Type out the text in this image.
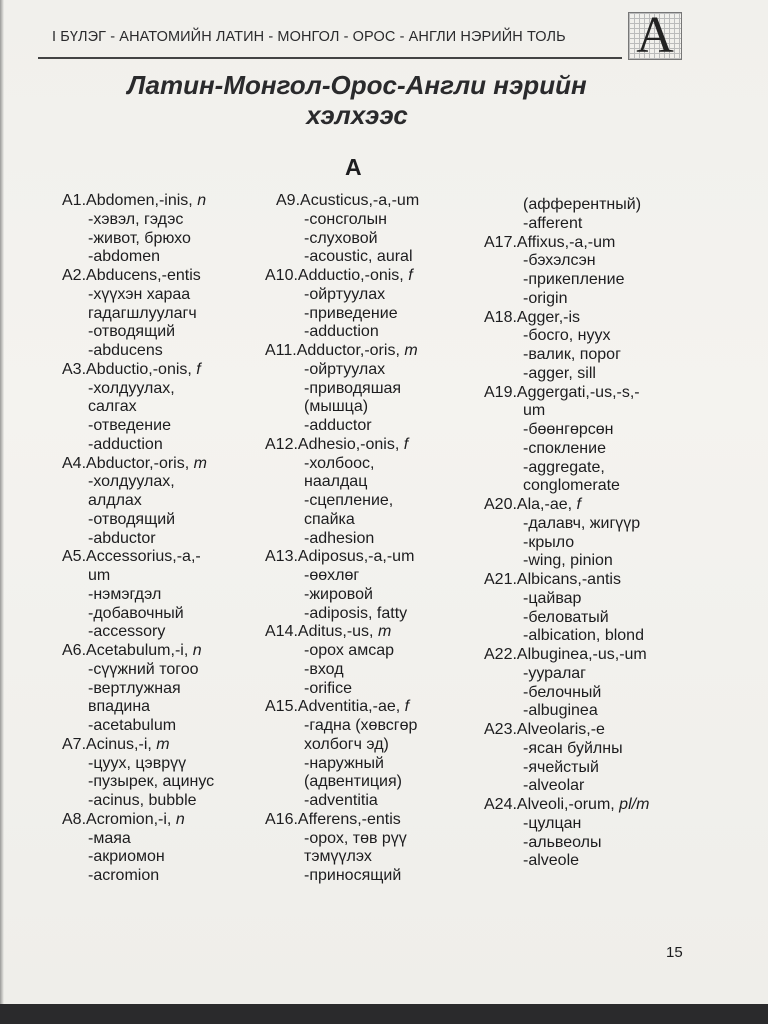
I БҮЛЭГ - АНАТОМИЙН ЛАТИН - МОНГОЛ - ОРОС - АНГЛИ НЭРИЙН ТОЛЬ A
Латин-Монгол-Орос-Англи нэрийн
хэлхээс
A
A1.Abdomen,-inis, n
-хэвэл, гэдэс
-живот, брюхо
-abdomen
A2.Abducens,-entis
-хүүхэн хараа
гадагшлуулагч
-отводящий
-abducens
A3.Abductio,-onis, f
-холдуулах,
салгах
-отведение
-adduction
A4.Abductor,-oris, m
-холдуулах,
алдлах
-отводящий
-abductor
A5.Accessorius,-a,-
um
-нэмэгдэл
-добавочный
-accessory
A6.Acetabulum,-i, n
-сүүжний тогоо
-вертлужная
впадина
-acetabulum
A7.Acinus,-i, m
-цуух, цэврүү
-пузырек, ацинус
-acinus, bubble
A8.Acromion,-i, n
-маяа
-акриомон
-acromion
A9.Acusticus,-a,-um
-сонсголын
-слуховой
-acoustic, aural
A10.Adductio,-onis, f
-ойртуулах
-приведение
-adduction
A11.Adductor,-oris, m
-ойртуулах
-приводяшая
(мышца)
-adductor
A12.Adhesio,-onis, f
-холбоос,
наалдац
-сцепление,
спайка
-adhesion
A13.Adiposus,-a,-um
-өөхлөг
-жировой
-adiposis, fatty
A14.Aditus,-us, m
-орох амсар
-вход
-orifice
A15.Adventitia,-ae, f
-гадна (хөвсгөр
холбогч эд)
-наружный
(адвентиция)
-adventitia
A16.Afferens,-entis
-орох, төв рүү
тэмүүлэх
-приносящий
(афферентный)
-afferent
A17.Affixus,-a,-um
-бэхэлсэн
-прикепление
-origin
A18.Agger,-is
-босго, нуух
-валик, порог
-agger, sill
A19.Aggergati,-us,-s,-
um
-бөөнгөрсөн
-спокление
-aggregate,
conglomerate
A20.Ala,-ae, f
-далавч, жигүүр
-крыло
-wing, pinion
A21.Albicans,-antis
-цайвар
-беловатый
-albication, blond
A22.Albuginea,-us,-um
-ууралаг
-белочный
-albuginea
A23.Alveolaris,-e
-ясан буйлны
-ячейстый
-alveolar
A24.Alveoli,-orum, pl/m
-цулцан
-альвеолы
-alveole
15
